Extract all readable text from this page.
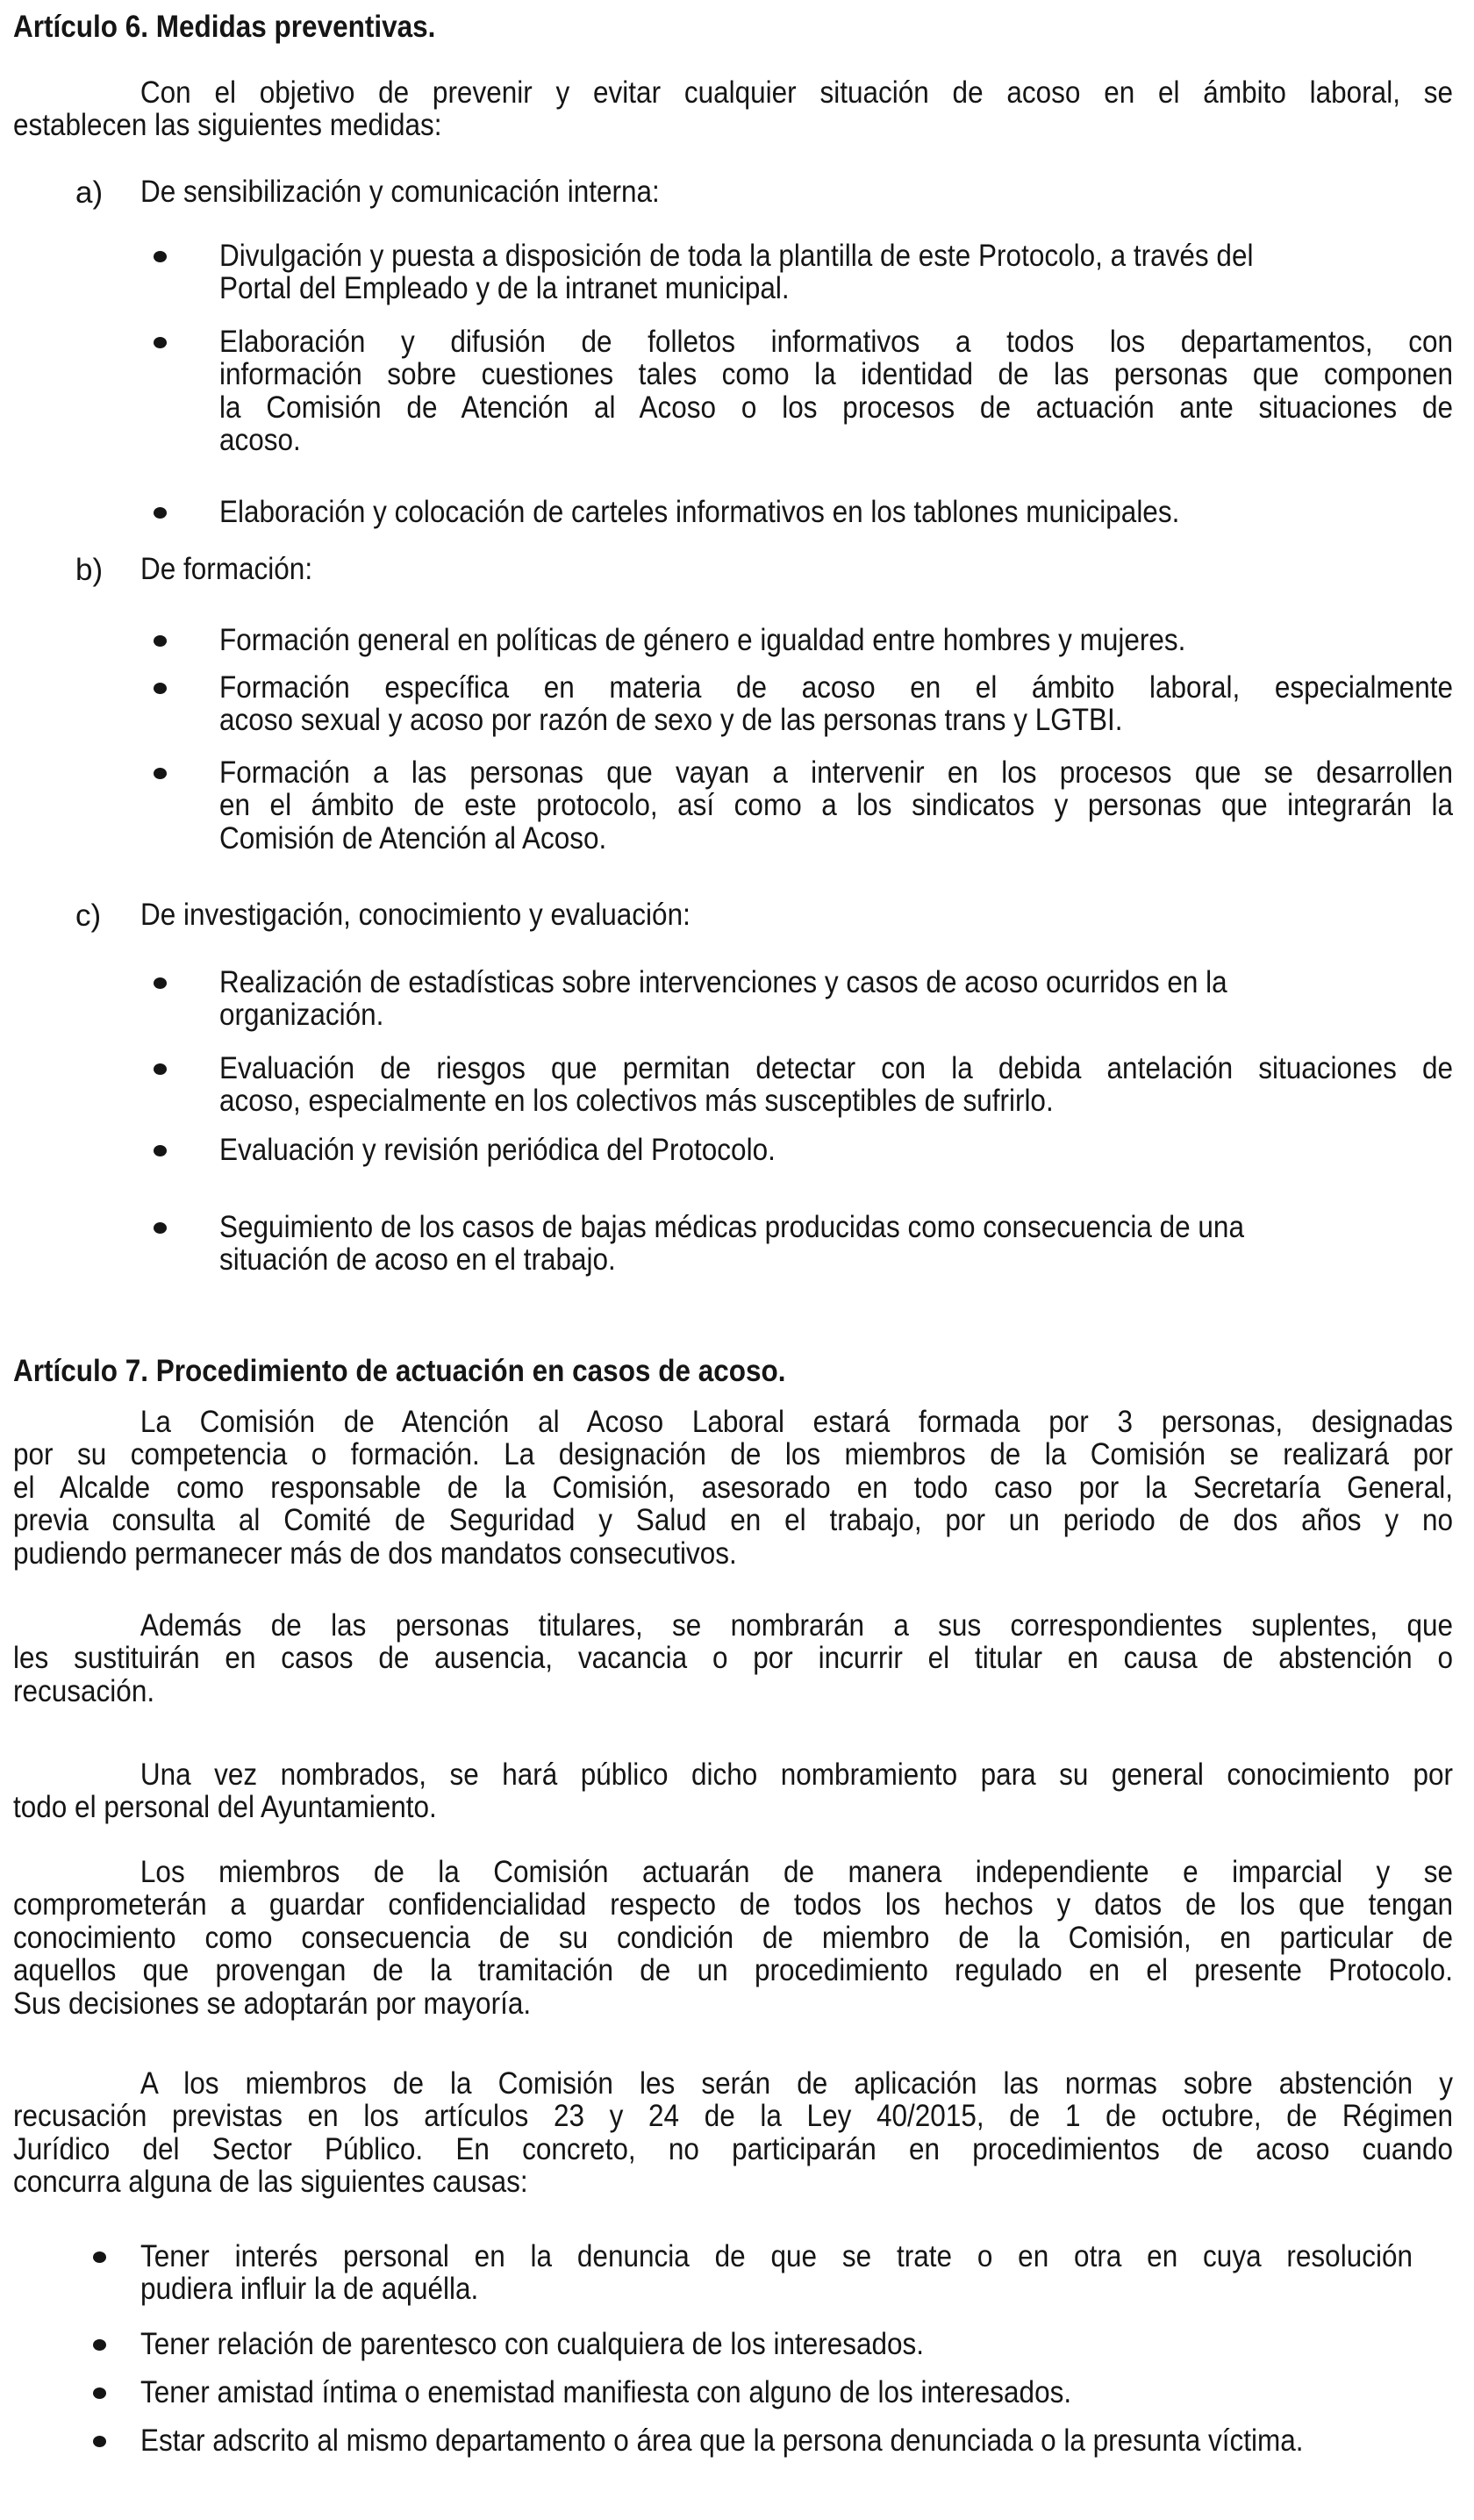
Artículo 6. Medidas preventivas.
Con el objetivo de prevenir y evitar cualquier situación de acoso en el ámbito laboral, se
establecen las siguientes medidas:
a) De sensibilización y comunicación interna:
Divulgación y puesta a disposición de toda la plantilla de este Protocolo, a través del
Portal del Empleado y de la intranet municipal.
Elaboración y difusión de folletos informativos a todos los departamentos, con
información sobre cuestiones tales como la identidad de las personas que componen
la Comisión de Atención al Acoso o los procesos de actuación ante situaciones de
acoso.
Elaboración y colocación de carteles informativos en los tablones municipales.
b) De formación:
Formación general en políticas de género e igualdad entre hombres y mujeres.
Formación específica en materia de acoso en el ámbito laboral, especialmente
acoso sexual y acoso por razón de sexo y de las personas trans y LGTBI.
Formación a las personas que vayan a intervenir en los procesos que se desarrollen
en el ámbito de este protocolo, así como a los sindicatos y personas que integrarán la
Comisión de Atención al Acoso.
c) De investigación, conocimiento y evaluación:
Realización de estadísticas sobre intervenciones y casos de acoso ocurridos en la
organización.
Evaluación de riesgos que permitan detectar con la debida antelación situaciones de
acoso, especialmente en los colectivos más susceptibles de sufrirlo.
Evaluación y revisión periódica del Protocolo.
Seguimiento de los casos de bajas médicas producidas como consecuencia de una
situación de acoso en el trabajo.
Artículo 7. Procedimiento de actuación en casos de acoso.
La Comisión de Atención al Acoso Laboral estará formada por 3 personas, designadas
por su competencia o formación. La designación de los miembros de la Comisión se realizará por
el Alcalde como responsable de la Comisión, asesorado en todo caso por la Secretaría General,
previa consulta al Comité de Seguridad y Salud en el trabajo, por un periodo de dos años y no
pudiendo permanecer más de dos mandatos consecutivos.
Además de las personas titulares, se nombrarán a sus correspondientes suplentes, que
les sustituirán en casos de ausencia, vacancia o por incurrir el titular en causa de abstención o
recusación.
Una vez nombrados, se hará público dicho nombramiento para su general conocimiento por
todo el personal del Ayuntamiento.
Los miembros de la Comisión actuarán de manera independiente e imparcial y se
comprometerán a guardar confidencialidad respecto de todos los hechos y datos de los que tengan
conocimiento como consecuencia de su condición de miembro de la Comisión, en particular de
aquellos que provengan de la tramitación de un procedimiento regulado en el presente Protocolo.
Sus decisiones se adoptarán por mayoría.
A los miembros de la Comisión les serán de aplicación las normas sobre abstención y
recusación previstas en los artículos 23 y 24 de la Ley 40/2015, de 1 de octubre, de Régimen
Jurídico del Sector Público. En concreto, no participarán en procedimientos de acoso cuando
concurra alguna de las siguientes causas:
Tener interés personal en la denuncia de que se trate o en otra en cuya resolución
pudiera influir la de aquélla.
Tener relación de parentesco con cualquiera de los interesados.
Tener amistad íntima o enemistad manifiesta con alguno de los interesados.
Estar adscrito al mismo departamento o área que la persona denunciada o la presunta víctima.
